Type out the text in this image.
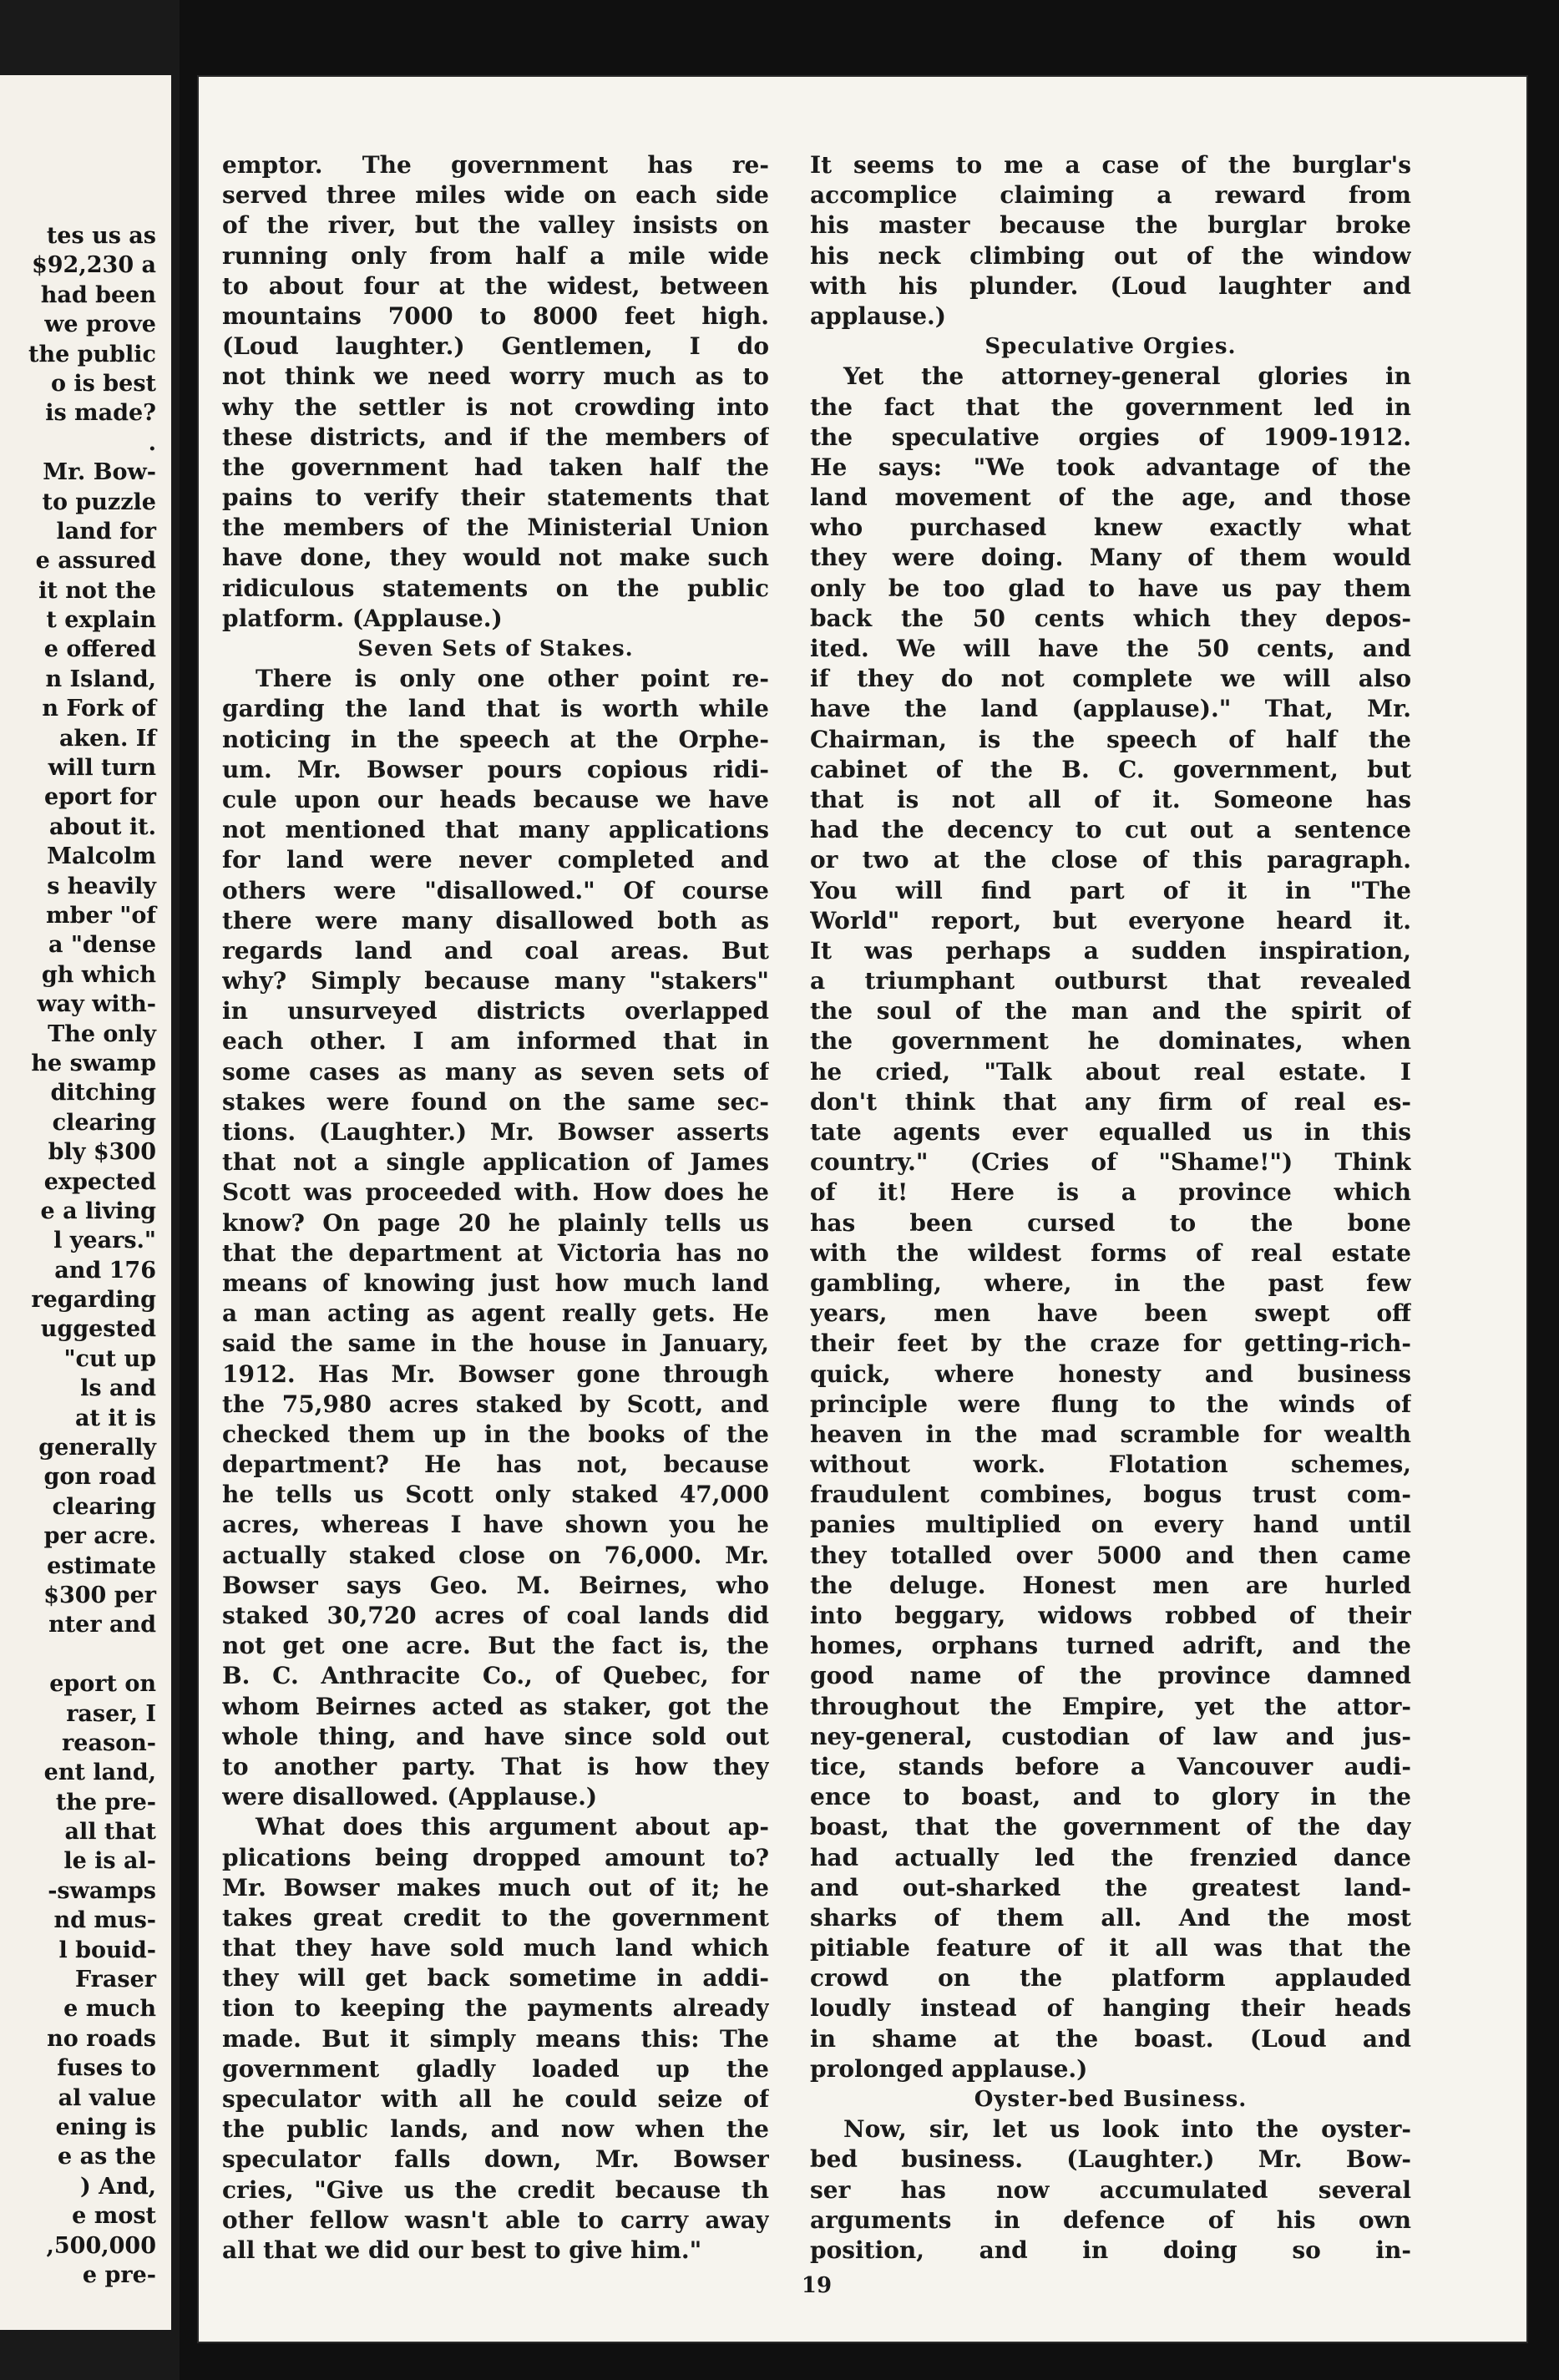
tes us as
$92,230 a
had been
we prove
the public
o is best
is made?
.
Mr. Bow-
to puzzle
land for
e assured
it not the
t explain
e offered
n Island,
n Fork of
aken. If
will turn
eport for
about it.
Malcolm
s heavily
mber "of
a "dense
gh which
way with-
The only
he swamp
ditching
clearing
bly $300
expected
e a living
l years."
and 176
regarding
uggested
"cut up
ls and
at it is
generally
gon road
clearing
per acre.
estimate
$300 per
nter and
eport on
raser, I
reason-
ent land,
the pre-
all that
le is al-
-swamps
nd mus-
l bouid-
Fraser
e much
no roads
fuses to
al value
ening is
e as the
) And,
e most
,500,000
e pre-
emptor. The government has re-
served three miles wide on each side
of the river, but the valley insists on
running only from half a mile wide
to about four at the widest, between
mountains 7000 to 8000 feet high.
(Loud laughter.) Gentlemen, I do
not think we need worry much as to
why the settler is not crowding into
these districts, and if the members of
the government had taken half the
pains to verify their statements that
the members of the Ministerial Union
have done, they would not make such
ridiculous statements on the public
platform. (Applause.)
Seven Sets of Stakes.
There is only one other point re-
garding the land that is worth while
noticing in the speech at the Orphe-
um. Mr. Bowser pours copious ridi-
cule upon our heads because we have
not mentioned that many applications
for land were never completed and
others were "disallowed." Of course
there were many disallowed both as
regards land and coal areas. But
why? Simply because many "stakers"
in unsurveyed districts overlapped
each other. I am informed that in
some cases as many as seven sets of
stakes were found on the same sec-
tions. (Laughter.) Mr. Bowser asserts
that not a single application of James
Scott was proceeded with. How does he
know? On page 20 he plainly tells us
that the department at Victoria has no
means of knowing just how much land
a man acting as agent really gets. He
said the same in the house in January,
1912. Has Mr. Bowser gone through
the 75,980 acres staked by Scott, and
checked them up in the books of the
department? He has not, because
he tells us Scott only staked 47,000
acres, whereas I have shown you he
actually staked close on 76,000. Mr.
Bowser says Geo. M. Beirnes, who
staked 30,720 acres of coal lands did
not get one acre. But the fact is, the
B. C. Anthracite Co., of Quebec, for
whom Beirnes acted as staker, got the
whole thing, and have since sold out
to another party. That is how they
were disallowed. (Applause.)
What does this argument about ap-
plications being dropped amount to?
Mr. Bowser makes much out of it; he
takes great credit to the government
that they have sold much land which
they will get back sometime in addi-
tion to keeping the payments already
made. But it simply means this: The
government gladly loaded up the
speculator with all he could seize of
the public lands, and now when the
speculator falls down, Mr. Bowser
cries, "Give us the credit because th
other fellow wasn't able to carry away
all that we did our best to give him."
It seems to me a case of the burglar's
accomplice claiming a reward from
his master because the burglar broke
his neck climbing out of the window
with his plunder. (Loud laughter and
applause.)
Speculative Orgies.
Yet the attorney-general glories in
the fact that the government led in
the speculative orgies of 1909-1912.
He says: "We took advantage of the
land movement of the age, and those
who purchased knew exactly what
they were doing. Many of them would
only be too glad to have us pay them
back the 50 cents which they depos-
ited. We will have the 50 cents, and
if they do not complete we will also
have the land (applause)." That, Mr.
Chairman, is the speech of half the
cabinet of the B. C. government, but
that is not all of it. Someone has
had the decency to cut out a sentence
or two at the close of this paragraph.
You will find part of it in "The
World" report, but everyone heard it.
It was perhaps a sudden inspiration,
a triumphant outburst that revealed
the soul of the man and the spirit of
the government he dominates, when
he cried, "Talk about real estate. I
don't think that any firm of real es-
tate agents ever equalled us in this
country." (Cries of "Shame!") Think
of it! Here is a province which
has been cursed to the bone
with the wildest forms of real estate
gambling, where, in the past few
years, men have been swept off
their feet by the craze for getting-rich-
quick, where honesty and business
principle were flung to the winds of
heaven in the mad scramble for wealth
without work. Flotation schemes,
fraudulent combines, bogus trust com-
panies multiplied on every hand until
they totalled over 5000 and then came
the deluge. Honest men are hurled
into beggary, widows robbed of their
homes, orphans turned adrift, and the
good name of the province damned
throughout the Empire, yet the attor-
ney-general, custodian of law and jus-
tice, stands before a Vancouver audi-
ence to boast, and to glory in the
boast, that the government of the day
had actually led the frenzied dance
and out-sharked the greatest land-
sharks of them all. And the most
pitiable feature of it all was that the
crowd on the platform applauded
loudly instead of hanging their heads
in shame at the boast. (Loud and
prolonged applause.)
Oyster-bed Business.
Now, sir, let us look into the oyster-
bed business. (Laughter.) Mr. Bow-
ser has now accumulated several
arguments in defence of his own
position, and in doing so in-
19
